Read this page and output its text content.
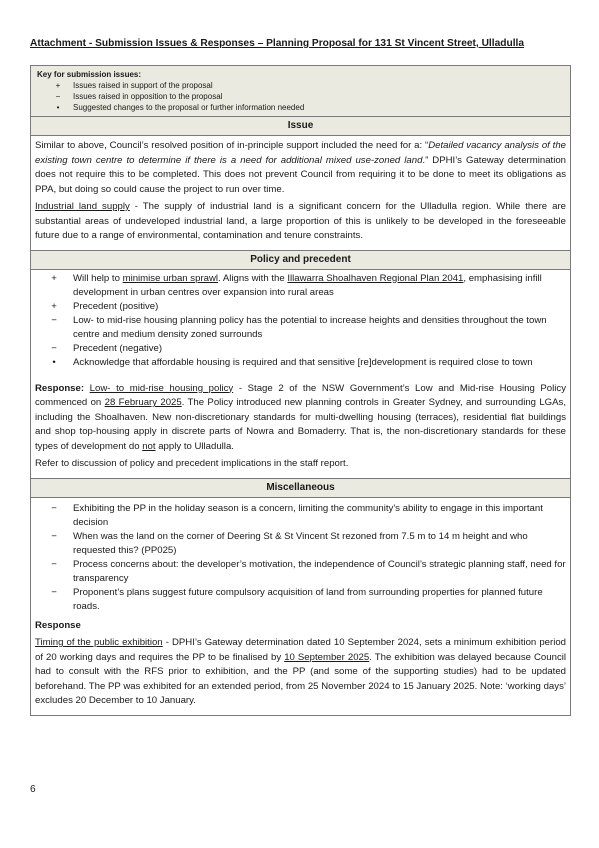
Attachment - Submission Issues & Responses – Planning Proposal for 131 St Vincent Street, Ulladulla
Key for submission issues:
+	Issues raised in support of the proposal
−	Issues raised in opposition to the proposal
•	Suggested changes to the proposal or further information needed
Issue

Similar to above, Council’s resolved position of in-principle support included the need for a: “Detailed vacancy analysis of the existing town centre to determine if there is a need for additional mixed use-zoned land.” DPHI’s Gateway determination does not require this to be completed. This does not prevent Council from requiring it to be done to meet its obligations as PPA, but doing so could cause the project to run over time.

Industrial land supply - The supply of industrial land is a significant concern for the Ulladulla region. While there are substantial areas of undeveloped industrial land, a large proportion of this is unlikely to be developed in the foreseeable future due to a range of environmental, contamination and tenure constraints.

Policy and precedent
+	Will help to minimise urban sprawl. Aligns with the Illawarra Shoalhaven Regional Plan 2041, emphasising infill development in urban centres over expansion into rural areas
+	Precedent (positive)
−	Low- to mid-rise housing planning policy has the potential to increase heights and densities throughout the town centre and medium density zoned surrounds
−	Precedent (negative)
•	Acknowledge that affordable housing is required and that sensitive [re]development is required close to town

Response: Low- to mid-rise housing policy - Stage 2 of the NSW Government’s Low and Mid-rise Housing Policy commenced on 28 February 2025. The Policy introduced new planning controls in Greater Sydney, and surrounding LGAs, including the Shoalhaven. New non-discretionary standards for multi-dwelling housing (terraces), residential flat buildings and shop top-housing apply in discrete parts of Nowra and Bomaderry. That is, the non-discretionary standards for these types of development do not apply to Ulladulla.

Refer to discussion of policy and precedent implications in the staff report.

Miscellaneous
−	Exhibiting the PP in the holiday season is a concern, limiting the community's ability to engage in this important decision
−	When was the land on the corner of Deering St & St Vincent St rezoned from 7.5 m to 14 m height and who requested this? (PP025)
−	Process concerns about: the developer’s motivation, the independence of Council’s strategic planning staff, need for transparency
−	Proponent’s plans suggest future compulsory acquisition of land from surrounding properties for planned future roads.

Response

Timing of the public exhibition - DPHI’s Gateway determination dated 10 September 2024, sets a minimum exhibition period of 20 working days and requires the PP to be finalised by 10 September 2025. The exhibition was delayed because Council had to consult with the RFS prior to exhibition, and the PP (and some of the supporting studies) had to be updated beforehand. The PP was exhibited for an extended period, from 25 November 2024 to 15 January 2025. Note: ‘working days’ excludes 20 December to 10 January.

6
